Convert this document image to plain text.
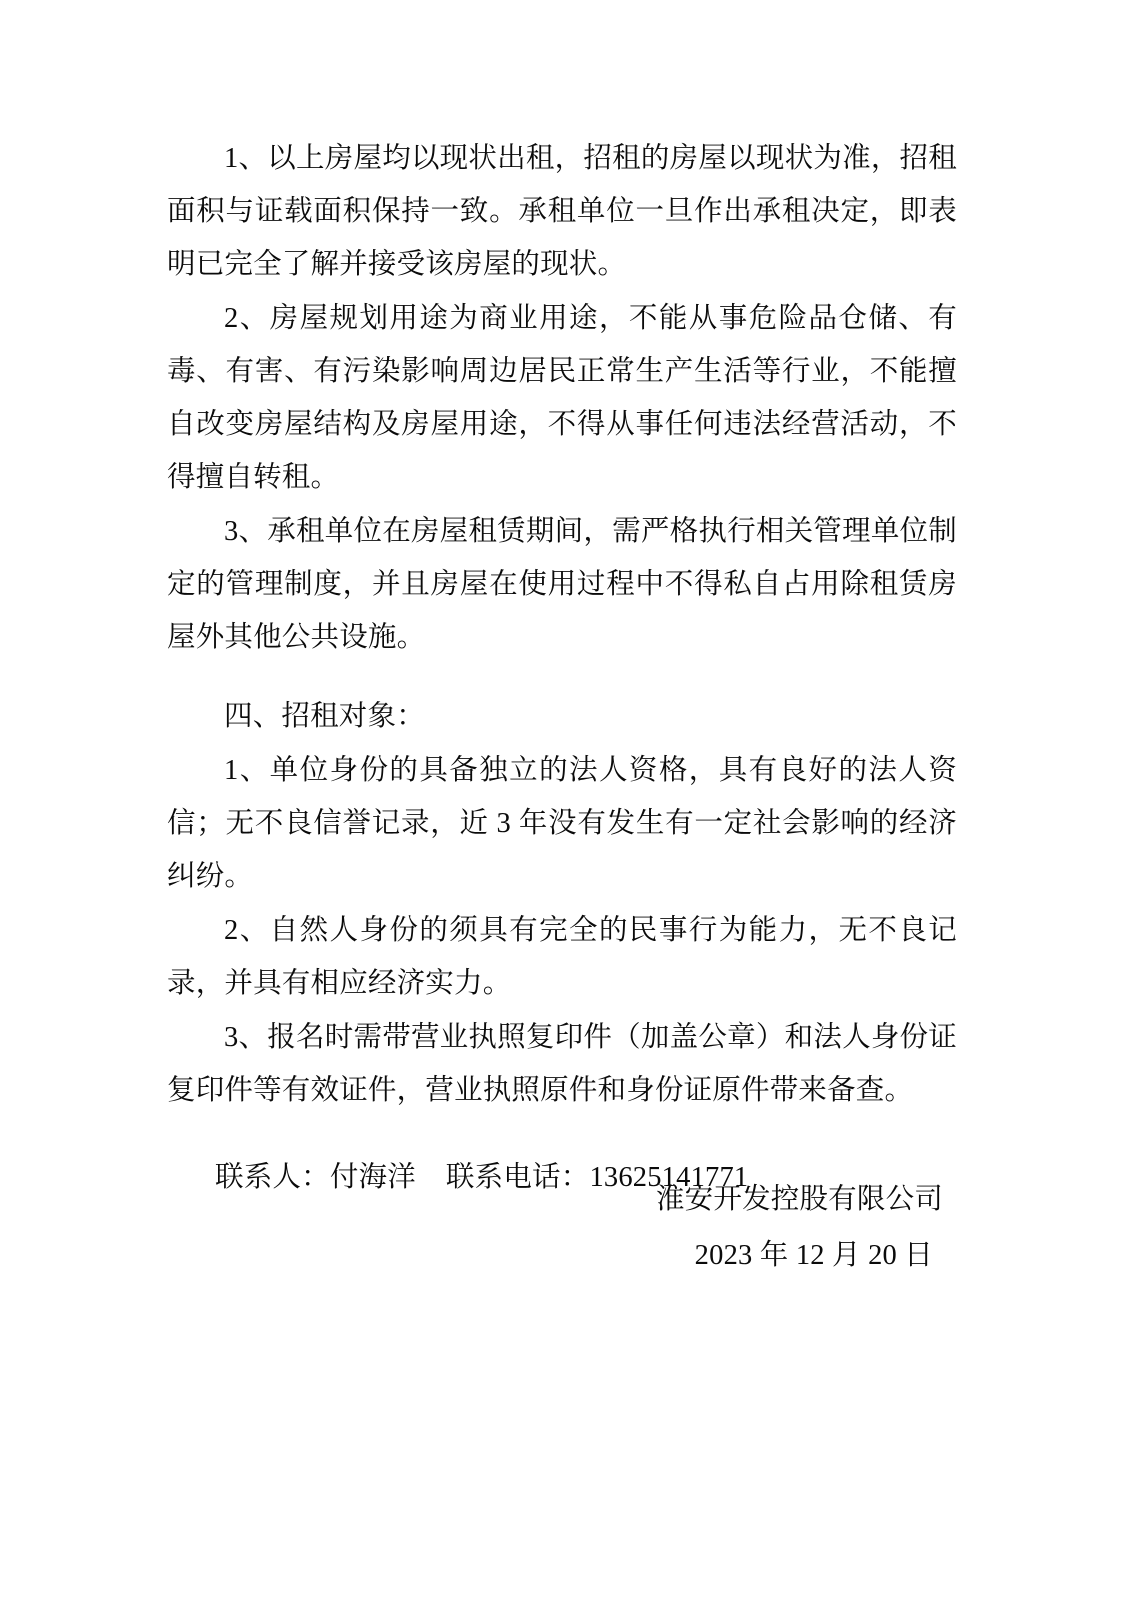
1、以上房屋均以现状出租，招租的房屋以现状为准，招租面积与证载面积保持一致。承租单位一旦作出承租决定，即表明已完全了解并接受该房屋的现状。

2、房屋规划用途为商业用途，不能从事危险品仓储、有毒、有害、有污染影响周边居民正常生产生活等行业，不能擅自改变房屋结构及房屋用途，不得从事任何违法经营活动，不得擅自转租。

3、承租单位在房屋租赁期间，需严格执行相关管理单位制定的管理制度，并且房屋在使用过程中不得私自占用除租赁房屋外其他公共设施。

四、招租对象：

1、单位身份的具备独立的法人资格，具有良好的法人资信；无不良信誉记录，近 3 年没有发生有一定社会影响的经济纠纷。

2、自然人身份的须具有完全的民事行为能力，无不良记录，并具有相应经济实力。

3、报名时需带营业执照复印件（加盖公章）和法人身份证复印件等有效证件，营业执照原件和身份证原件带来备查。

联系人：付海洋 联系电话：13625141771

淮安开发控股有限公司
2023 年 12 月 20 日
